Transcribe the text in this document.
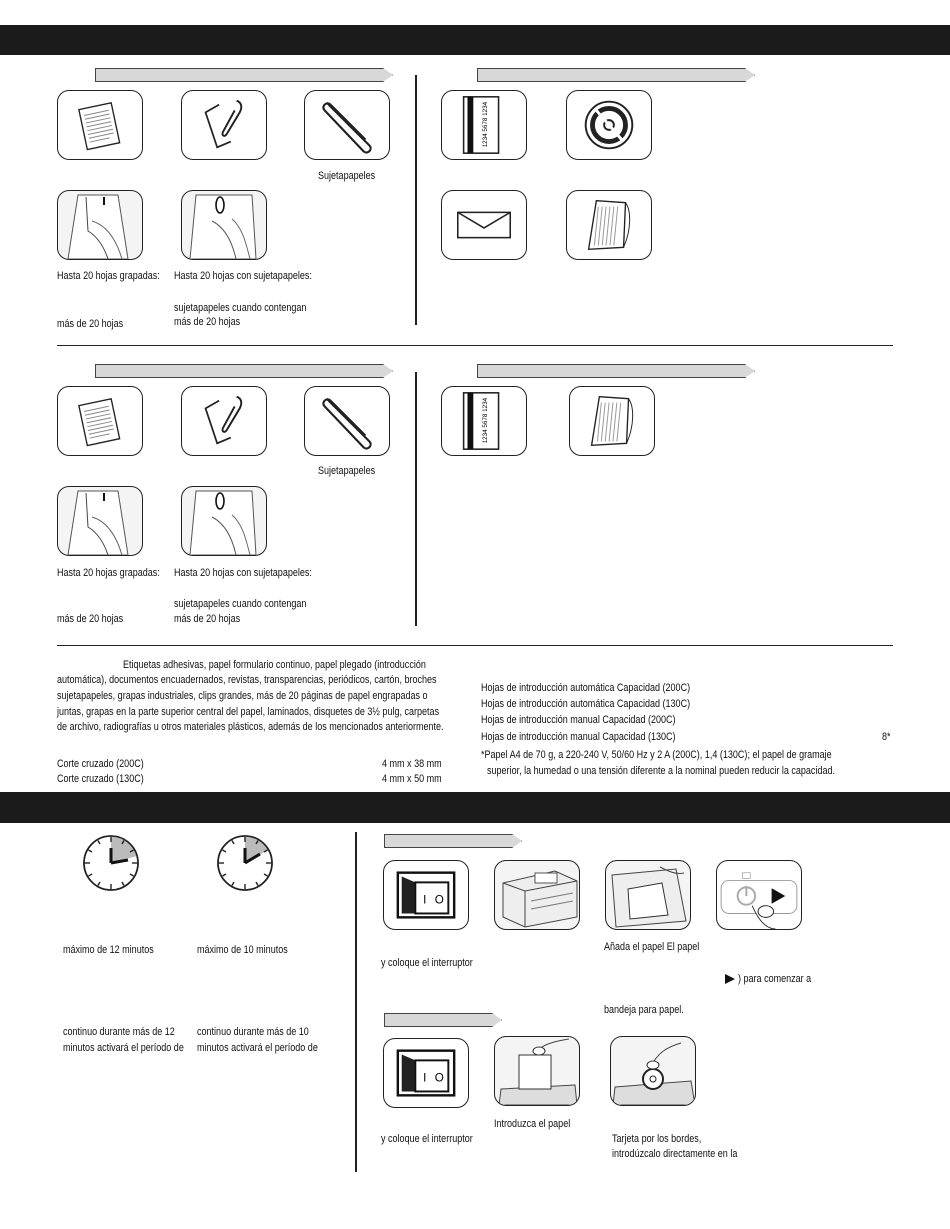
Sujetapapeles
Hasta 20 hojas grapadas:
más de 20 hojas
Hasta 20 hojas con sujetapapeles:
sujetapapeles cuando contengan
más de 20 hojas
1234 5678 1234
Sujetapapeles
Hasta 20 hojas grapadas:
más de 20 hojas
Hasta 20 hojas con sujetapapeles:
sujetapapeles cuando contengan
más de 20 hojas
1234 5678 1234
Etiquetas adhesivas, papel formulario continuo, papel plegado (introducción
automática), documentos encuadernados, revistas, transparencias, periódicos, cartón, broches
sujetapapeles, grapas industriales, clips grandes, más de 20 páginas de papel engrapadas o
juntas, grapas en la parte superior central del papel, laminados, disquetes de 3½ pulg, carpetas
de archivo, radiografías u otros materiales plásticos, además de los mencionados anteriormente.
Corte cruzado (200C)	4 mm x 38 mm
Corte cruzado (130C)	4 mm x 50 mm
Hojas de introducción automática Capacidad (200C)
Hojas de introducción automática Capacidad (130C)
Hojas de introducción manual Capacidad (200C)
Hojas de introducción manual Capacidad (130C)	8*
*Papel A4 de 70 g, a 220-240 V, 50/60 Hz y 2 A (200C), 1,4 (130C); el papel de gramaje
superior, la humedad o una tensión diferente a la nominal pueden reducir la capacidad.
máximo de 12 minutos	máximo de 10 minutos
continuo durante más de 12
minutos activará el período de
continuo durante más de 10
minutos activará el período de
I O
y coloque el interruptor
Añada el papel El papel
) para comenzar a
bandeja para papel.
I O
y coloque el interruptor
Introduzca el papel
Tarjeta por los bordes,
introdúzcalo directamente en la
